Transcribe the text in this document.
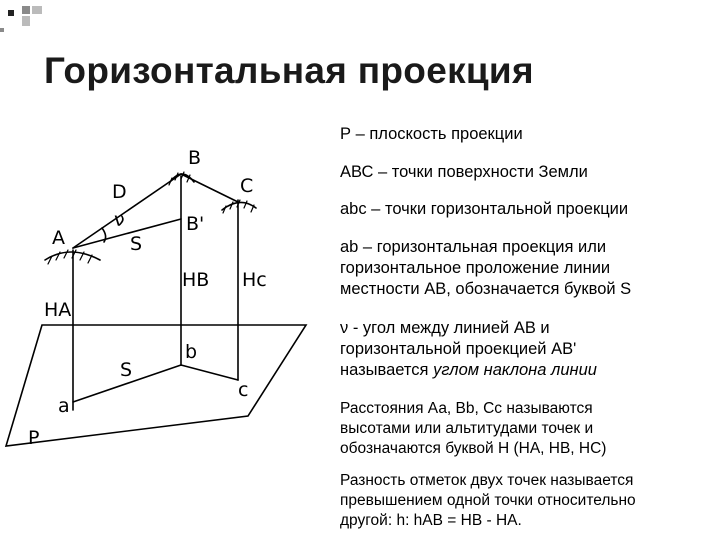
Горизонтальная проекция
B
C
D
ν	B'
A	S
HB Hc
HA
S
b
c
a
P
Р – плоскость проекции
АВС – точки поверхности Земли
abc – точки горизонтальной проекции
ab – горизонтальная проекция или
горизонтальное проложение линии
местности АВ, обозначается буквой S
ν - угол между линией АВ и
горизонтальной проекцией AB'
называется углом наклона линии
Расстояния Аа, Bb, Сс называются
высотами или альтитудами точек и
обозначаются буквой Н (НА, НВ, НС)
Разность отметок двух точек называется
превышением одной точки относительно
другой: h: hAB = НВ - НА.
